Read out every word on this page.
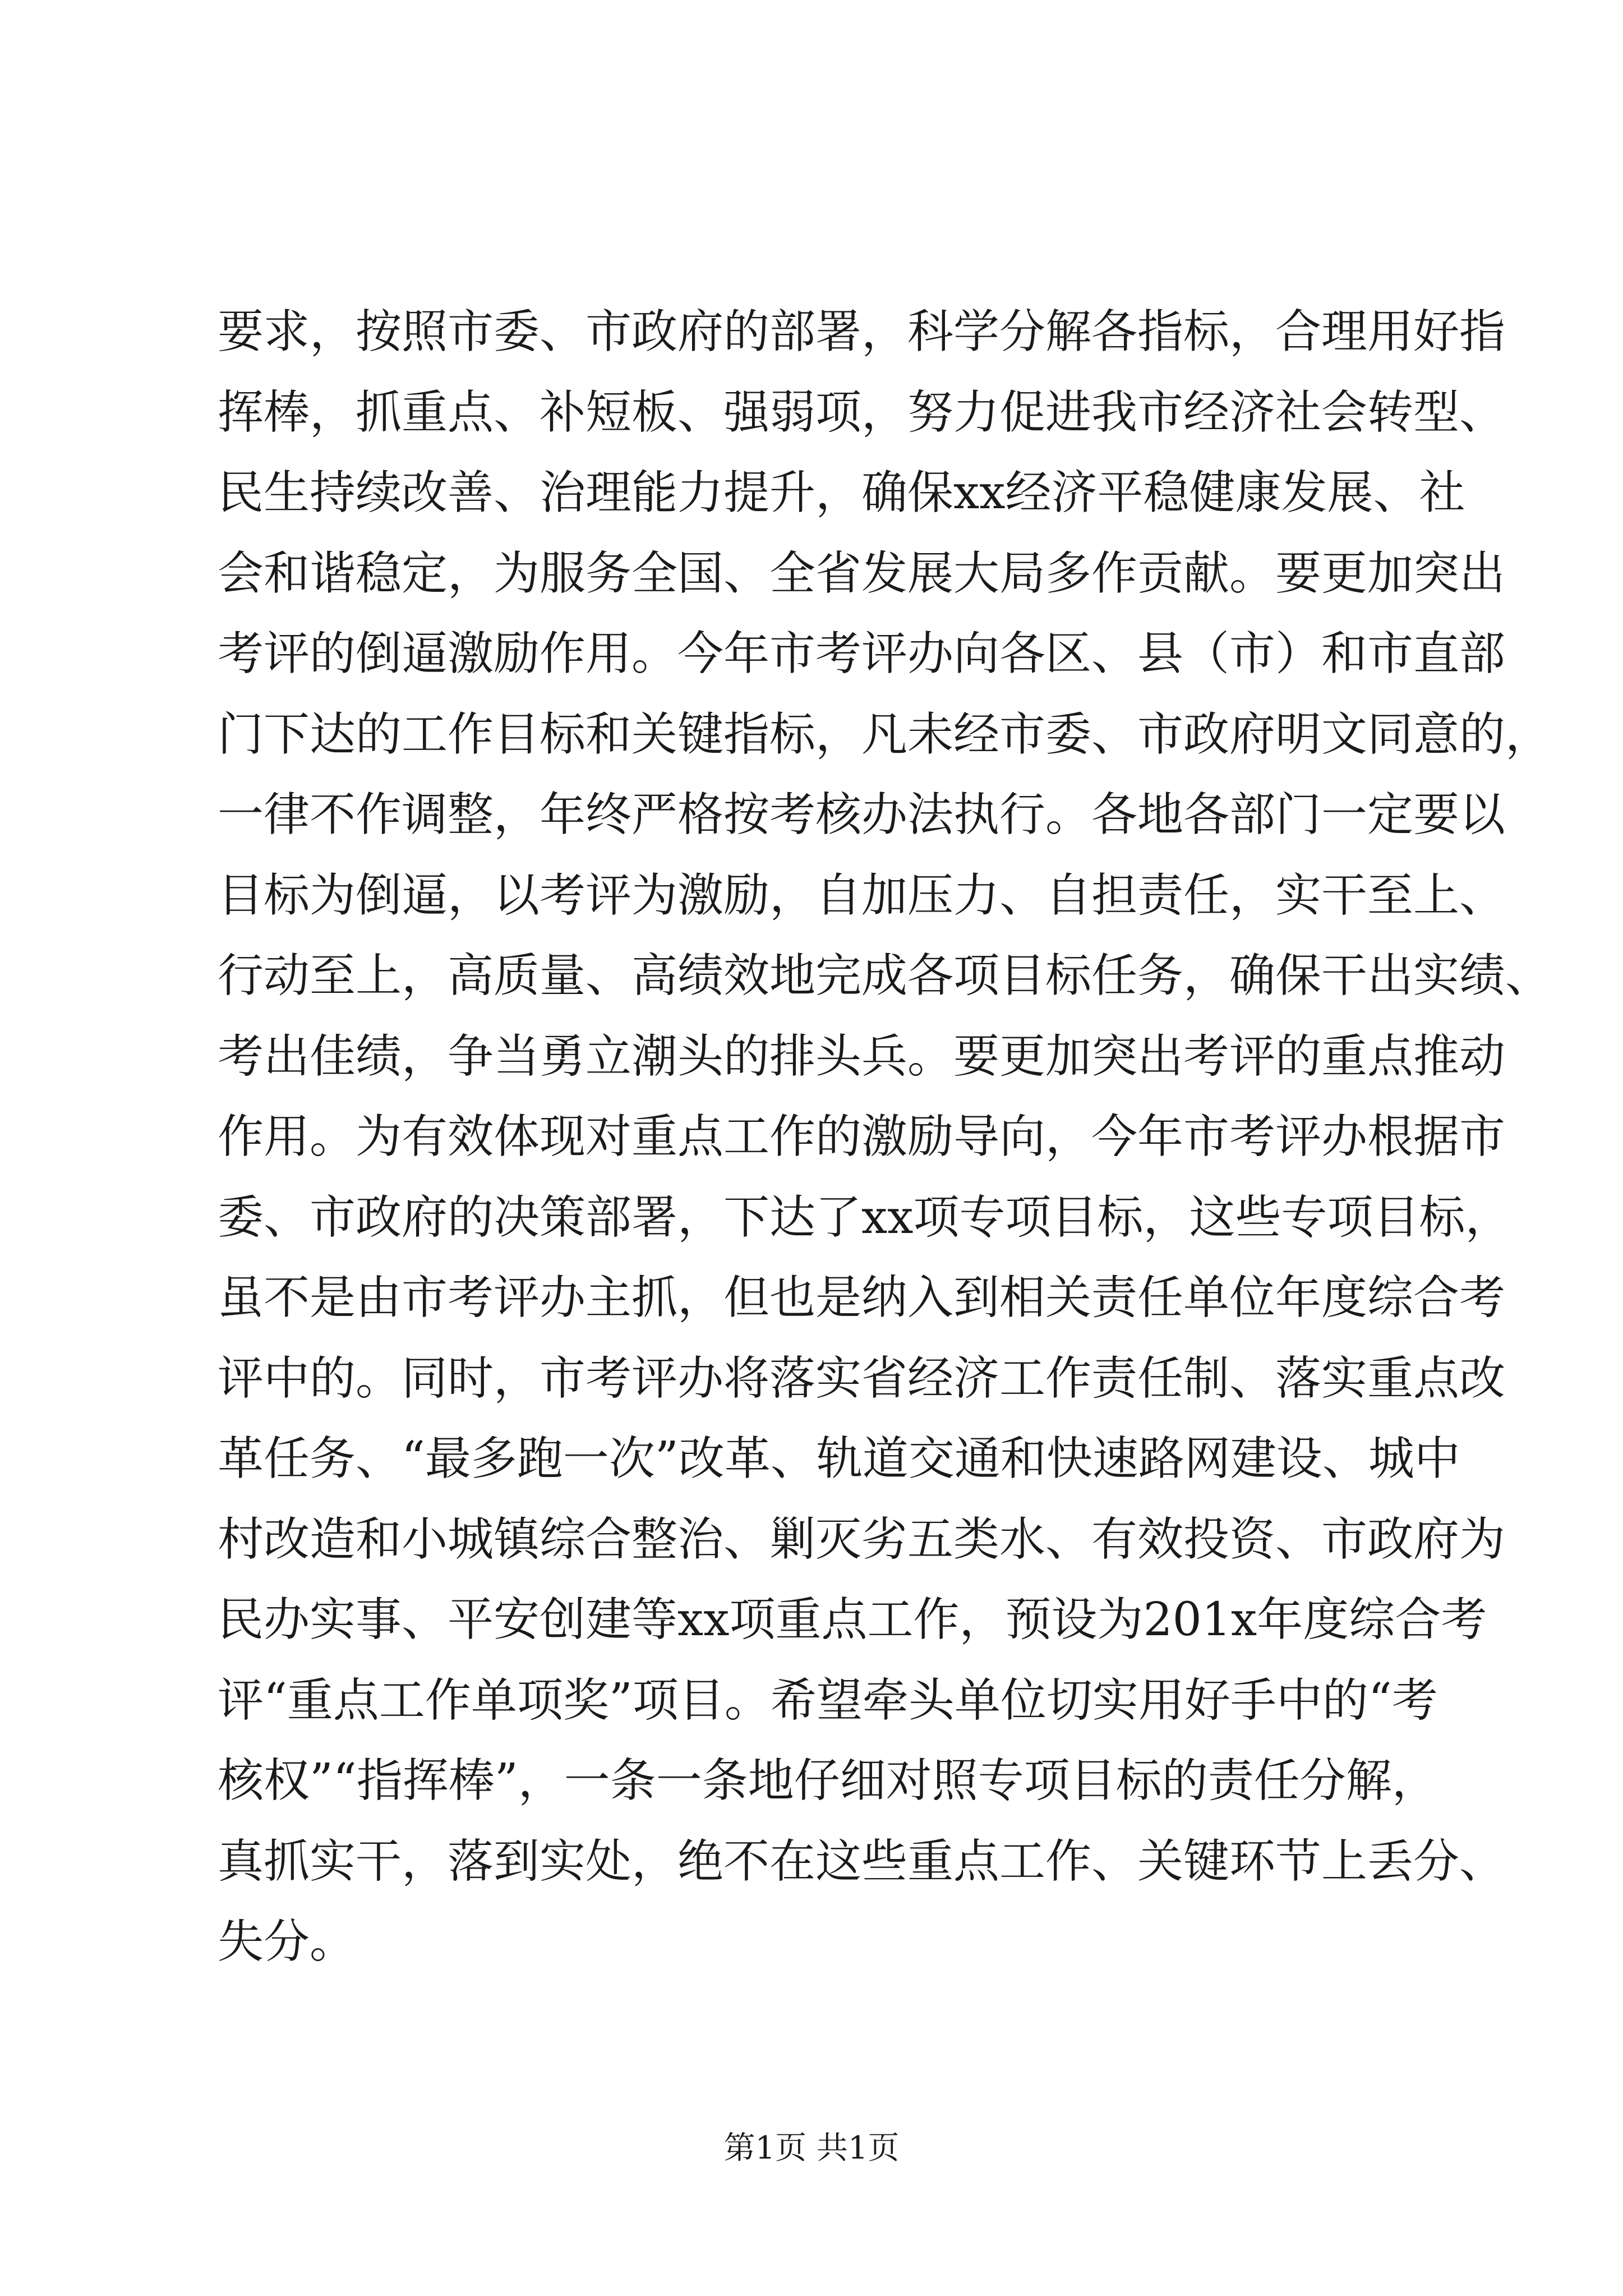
要求，按照市委、市政府的部署，科学分解各指标，合理用好指
挥棒，抓重点、补短板、强弱项，努力促进我市经济社会转型、
民生持续改善、治理能力提升，确保xx经济平稳健康发展、社
会和谐稳定，为服务全国、全省发展大局多作贡献。要更加突出
考评的倒逼激励作用。今年市考评办向各区、县（市）和市直部
门下达的工作目标和关键指标，凡未经市委、市政府明文同意的，
一律不作调整，年终严格按考核办法执行。各地各部门一定要以
目标为倒逼，以考评为激励，自加压力、自担责任，实干至上、
行动至上，高质量、高绩效地完成各项目标任务，确保干出实绩、
考出佳绩，争当勇立潮头的排头兵。要更加突出考评的重点推动
作用。为有效体现对重点工作的激励导向，今年市考评办根据市
委、市政府的决策部署，下达了xx项专项目标，这些专项目标，
虽不是由市考评办主抓，但也是纳入到相关责任单位年度综合考
评中的。同时，市考评办将落实省经济工作责任制、落实重点改
革任务、“最多跑一次”改革、轨道交通和快速路网建设、城中
村改造和小城镇综合整治、剿灭劣五类水、有效投资、市政府为
民办实事、平安创建等xx项重点工作，预设为201x年度综合考
评“重点工作单项奖”项目。希望牵头单位切实用好手中的“考
核权”“指挥棒”，一条一条地仔细对照专项目标的责任分解，
真抓实干，落到实处，绝不在这些重点工作、关键环节上丢分、
失分。
第1页 共1页
